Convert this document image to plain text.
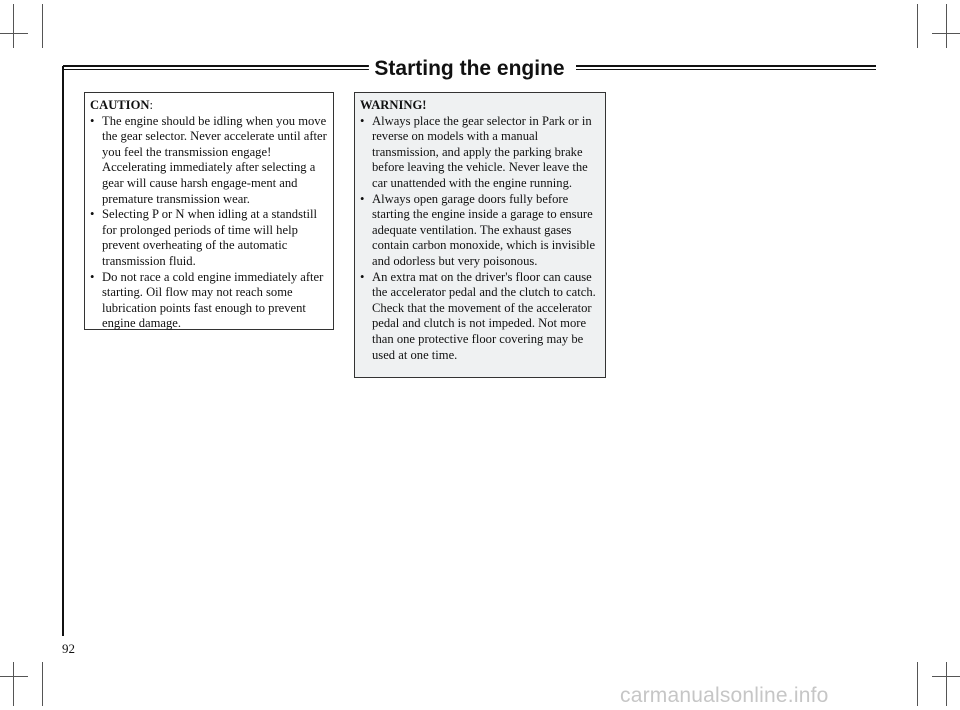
Starting the engine
CAUTION:
• The engine should be idling when you move the gear selector. Never accelerate until after you feel the transmission engage! Accelerating immediately after selecting a gear will cause harsh engage-ment and premature transmission wear.
• Selecting P or N when idling at a standstill for prolonged periods of time will help prevent overheating of the automatic transmission fluid.
• Do not race a cold engine immediately after starting. Oil flow may not reach some lubrication points fast enough to prevent engine damage.
WARNING!
• Always place the gear selector in Park or in reverse on models with a manual transmission, and apply the parking brake before leaving the vehicle. Never leave the car unattended with the engine running.
• Always open garage doors fully before starting the engine inside a garage to ensure adequate ventilation. The exhaust gases contain carbon monoxide, which is invisible and odorless but very poisonous.
• An extra mat on the driver's floor can cause the accelerator pedal and the clutch to catch. Check that the movement of the accelerator pedal and clutch is not impeded. Not more than one protective floor covering may be used at one time.
92
carmanualsonline.info
